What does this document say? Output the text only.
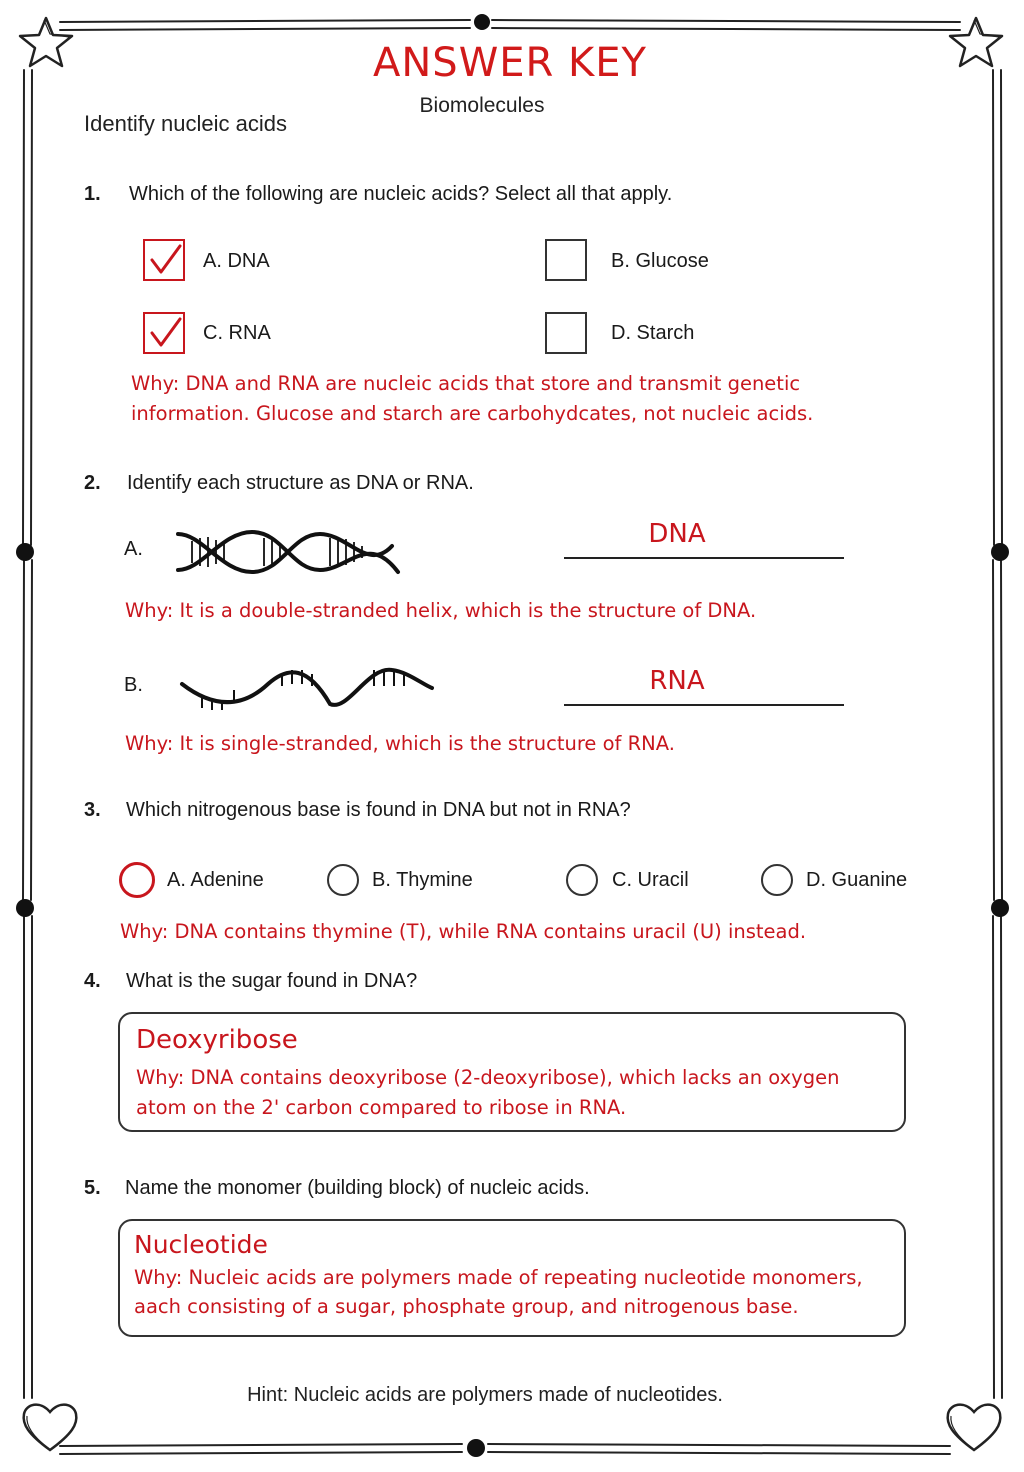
ANSWER KEY
Biomolecules
Identify nucleic acids
1. Which of the following are nucleic acids? Select all that apply.
A. DNA	B. Glucose
C. RNA	D. Starch
Why: DNA and RNA are nucleic acids that store and transmit genetic
information. Glucose and starch are carbohydcates, not nucleic acids.
2. Identify each structure as DNA or RNA.
A.	DNA
Why: It is a double-stranded helix, which is the structure of DNA.
B.	RNA
Why: It is single-stranded, which is the structure of RNA.
3. Which nitrogenous base is found in DNA but not in RNA?
A. Adenine	B. Thymine	C. Uracil	D. Guanine
Why: DNA contains thymine (T), while RNA contains uracil (U) instead.
4. What is the sugar found in DNA?
Deoxyribose
Why: DNA contains deoxyribose (2-deoxyribose), which lacks an oxygen
atom on the 2' carbon compared to ribose in RNA.
5. Name the monomer (building block) of nucleic acids.
Nucleotide
Why: Nucleic acids are polymers made of repeating nucleotide monomers,
aach consisting of a sugar, phosphate group, and nitrogenous base.
Hint: Nucleic acids are polymers made of nucleotides.
